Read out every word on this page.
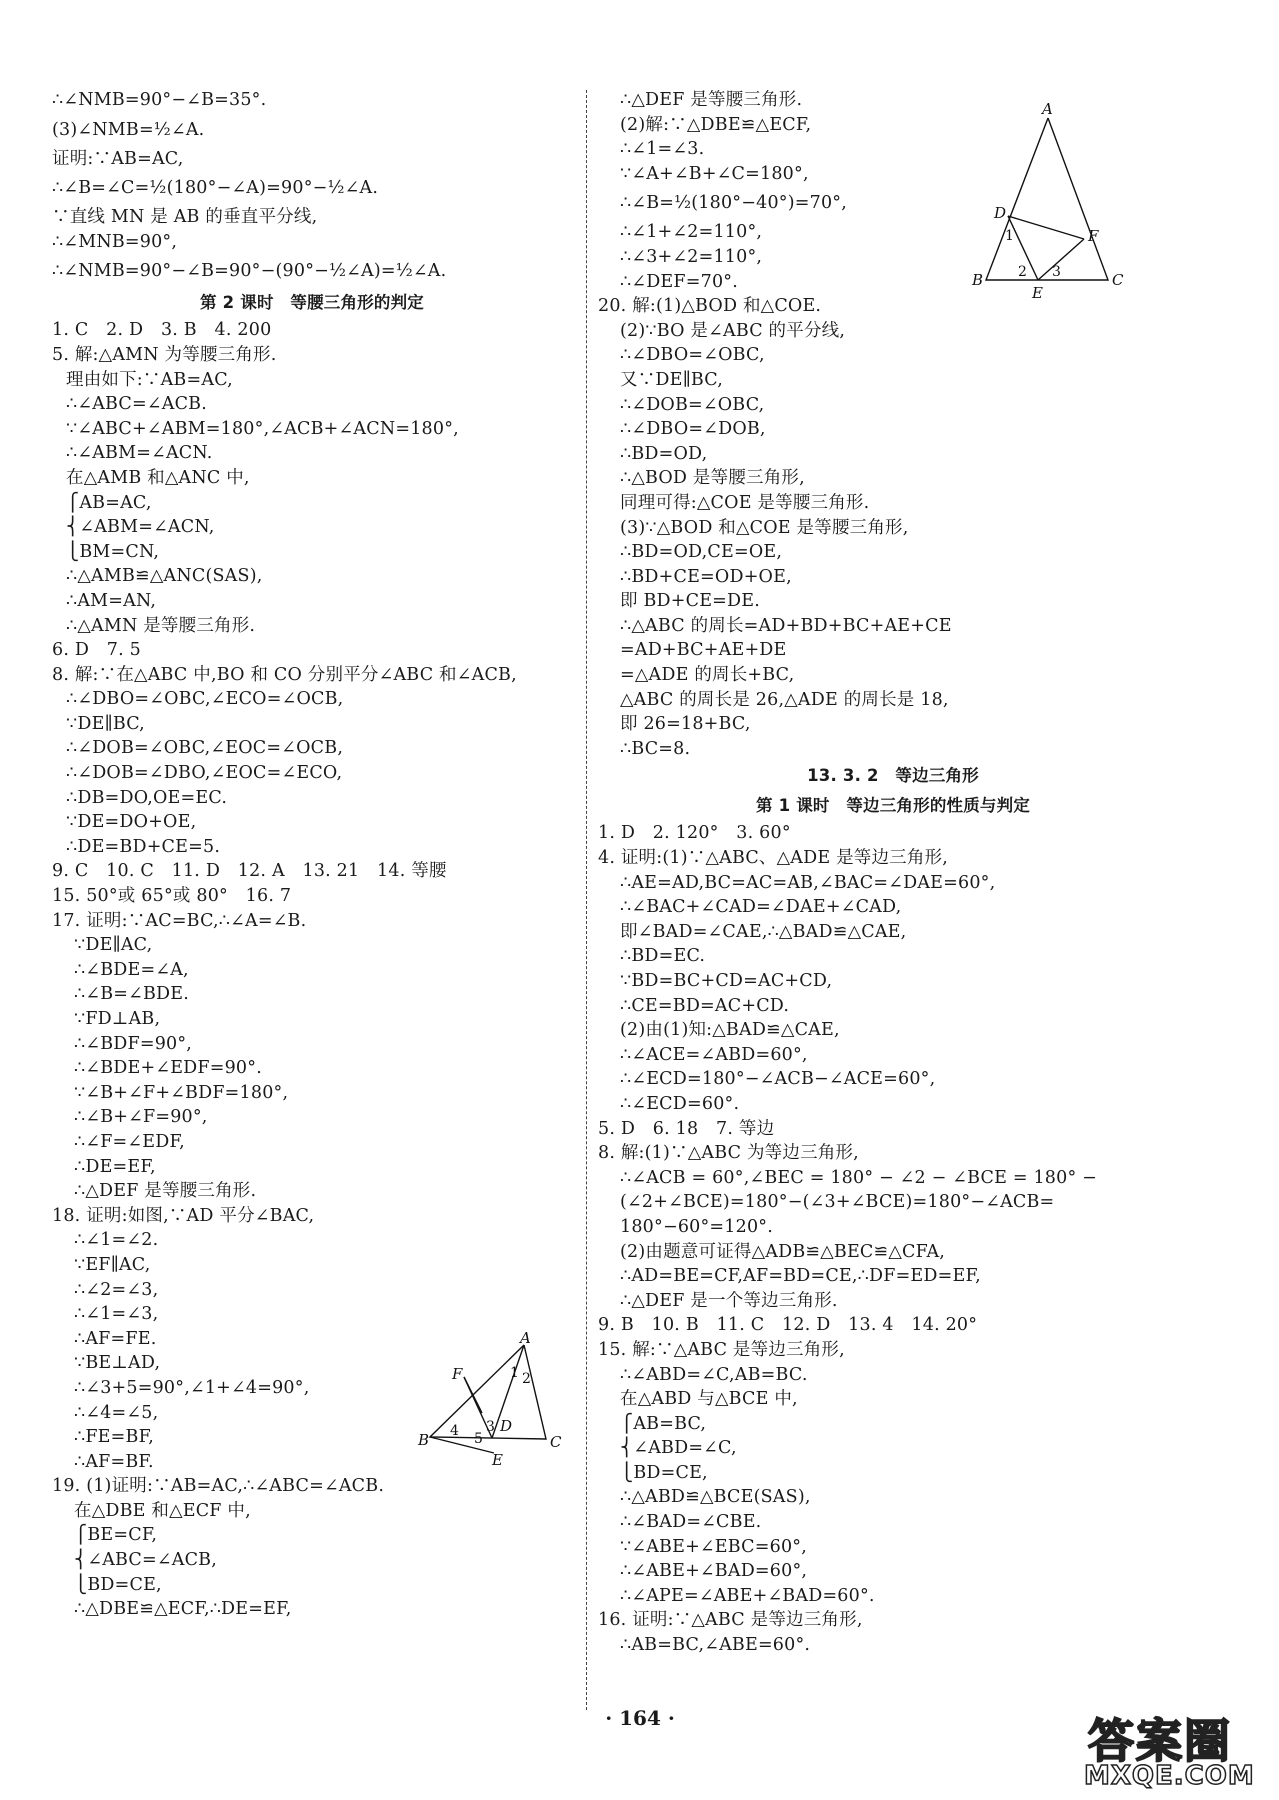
∴∠NMB=90°−∠B=35°.
(3)∠NMB=½∠A.
证明:∵AB=AC,
∴∠B=∠C=½(180°−∠A)=90°−½∠A.
∵直线 MN 是 AB 的垂直平分线,
∴∠MNB=90°,
∴∠NMB=90°−∠B=90°−(90°−½∠A)=½∠A.
第 2 课时　等腰三角形的判定
1. C　2. D　3. B　4. 200
5. 解:△AMN 为等腰三角形.
理由如下:∵AB=AC,
∴∠ABC=∠ACB.
∵∠ABC+∠ABM=180°,∠ACB+∠ACN=180°,
∴∠ABM=∠ACN.
在△AMB 和△ANC 中,
⎧AB=AC,
⎨∠ABM=∠ACN,
⎩BM=CN,
∴△AMB≌△ANC(SAS),
∴AM=AN,
∴△AMN 是等腰三角形.
6. D　7. 5
8. 解:∵在△ABC 中,BO 和 CO 分别平分∠ABC 和∠ACB,
∴∠DBO=∠OBC,∠ECO=∠OCB,
∵DE∥BC,
∴∠DOB=∠OBC,∠EOC=∠OCB,
∴∠DOB=∠DBO,∠EOC=∠ECO,
∴DB=DO,OE=EC.
∵DE=DO+OE,
∴DE=BD+CE=5.
9. C　10. C　11. D　12. A　13. 21　14. 等腰
15. 50°或 65°或 80°　16. 7
17. 证明:∵AC=BC,∴∠A=∠B.
∵DE∥AC,
∴∠BDE=∠A,
∴∠B=∠BDE.
∵FD⊥AB,
∴∠BDF=90°,
∴∠BDE+∠EDF=90°.
∵∠B+∠F+∠BDF=180°,
∴∠B+∠F=90°,
∴∠F=∠EDF,
∴DE=EF,
∴△DEF 是等腰三角形.
18. 证明:如图,∵AD 平分∠BAC,
∴∠1=∠2.
∵EF∥AC,
∴∠2=∠3,
∴∠1=∠3,
∴AF=FE.
∵BE⊥AD,
∴∠3+5=90°,∠1+∠4=90°,
∴∠4=∠5,
∴FE=BF,
∴AF=BF.
19. (1)证明:∵AB=AC,∴∠ABC=∠ACB.
在△DBE 和△ECF 中,
⎧BE=CF,
⎨∠ABC=∠ACB,
⎩BD=CE,
∴△DBE≌△ECF,∴DE=EF,
∴△DEF 是等腰三角形.
(2)解:∵△DBE≌△ECF,
∴∠1=∠3.
∵∠A+∠B+∠C=180°,
∴∠B=½(180°−40°)=70°,
∴∠1+∠2=110°,
∴∠3+∠2=110°,
∴∠DEF=70°.
20. 解:(1)△BOD 和△COE.
(2)∵BO 是∠ABC 的平分线,
∴∠DBO=∠OBC,
又∵DE∥BC,
∴∠DOB=∠OBC,
∴∠DBO=∠DOB,
∴BD=OD,
∴△BOD 是等腰三角形,
同理可得:△COE 是等腰三角形.
(3)∵△BOD 和△COE 是等腰三角形,
∴BD=OD,CE=OE,
∴BD+CE=OD+OE,
即 BD+CE=DE.
∴△ABC 的周长=AD+BD+BC+AE+CE
=AD+BC+AE+DE
=△ADE 的周长+BC,
△ABC 的周长是 26,△ADE 的周长是 18,
即 26=18+BC,
∴BC=8.
13. 3. 2　等边三角形
第 1 课时　等边三角形的性质与判定
1. D　2. 120°　3. 60°
4. 证明:(1)∵△ABC、△ADE 是等边三角形,
∴AE=AD,BC=AC=AB,∠BAC=∠DAE=60°,
∴∠BAC+∠CAD=∠DAE+∠CAD,
即∠BAD=∠CAE,∴△BAD≌△CAE,
∴BD=EC.
∵BD=BC+CD=AC+CD,
∴CE=BD=AC+CD.
(2)由(1)知:△BAD≌△CAE,
∴∠ACE=∠ABD=60°,
∴∠ECD=180°−∠ACB−∠ACE=60°,
∴∠ECD=60°.
5. D　6. 18　7. 等边
8. 解:(1)∵△ABC 为等边三角形,
∴∠ACB = 60°,∠BEC = 180° − ∠2 − ∠BCE = 180° −
(∠2+∠BCE)=180°−(∠3+∠BCE)=180°−∠ACB=
180°−60°=120°.
(2)由题意可证得△ADB≌△BEC≌△CFA,
∴AD=BE=CF,AF=BD=CE,∴DF=ED=EF,
∴△DEF 是一个等边三角形.
9. B　10. B　11. C　12. D　13. 4　14. 20°
15. 解:∵△ABC 是等边三角形,
∴∠ABD=∠C,AB=BC.
在△ABD 与△BCE 中,
⎧AB=BC,
⎨∠ABD=∠C,
⎩BD=CE,
∴△ABD≌△BCE(SAS),
∴∠BAD=∠CBE.
∵∠ABE+∠EBC=60°,
∴∠ABE+∠BAD=60°,
∴∠APE=∠ABE+∠BAD=60°.
16. 证明:∵△ABC 是等边三角形,
∴AB=BC,∠ABE=60°.
A
F
B	C
D
E
1 2
3
4 5
A
D
F
B
E
C
1
2 3
· 164 ·	答案圈
MXQE.COM
